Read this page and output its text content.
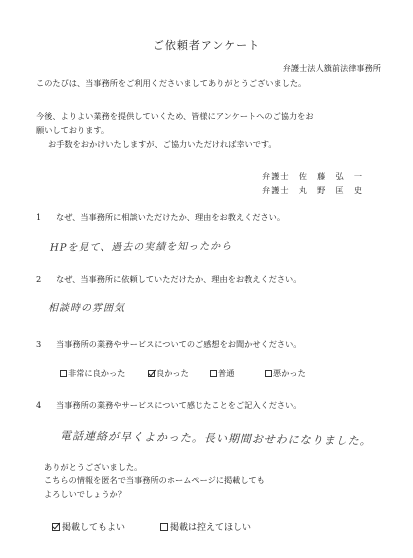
ご依頼者アンケート
弁護士法人籏前法律事務所
このたびは、当事務所をご利用くださいましてありがとうございました。
今後、よりよい業務を提供していくため、皆様にアンケートへのご協力をお
願いしております。
お手数をおかけいたしますが、ご協力いただければ幸いです。
弁護士　佐　藤　弘　一
弁護士　丸　野　匡　史
1 なぜ、当事務所に相談いただけたか、理由をお教えください。
HPを見て、過去の実績を知ったから
2 なぜ、当事務所に依頼していただけたか、理由をお教えください。
相談時の雰囲気
3 当事務所の業務やサービスについてのご感想をお聞かせください。
非常に良かった	良かった	普通	悪かった
4 当事務所の業務やサービスについて感じたことをご記入ください。
電話連絡が早くよかった。長い期間おせわになりました。
ありがとうございました。
こちらの情報を匿名で当事務所のホームページに掲載しても
よろしいでしょうか？
掲載してもよい	掲載は控えてほしい
